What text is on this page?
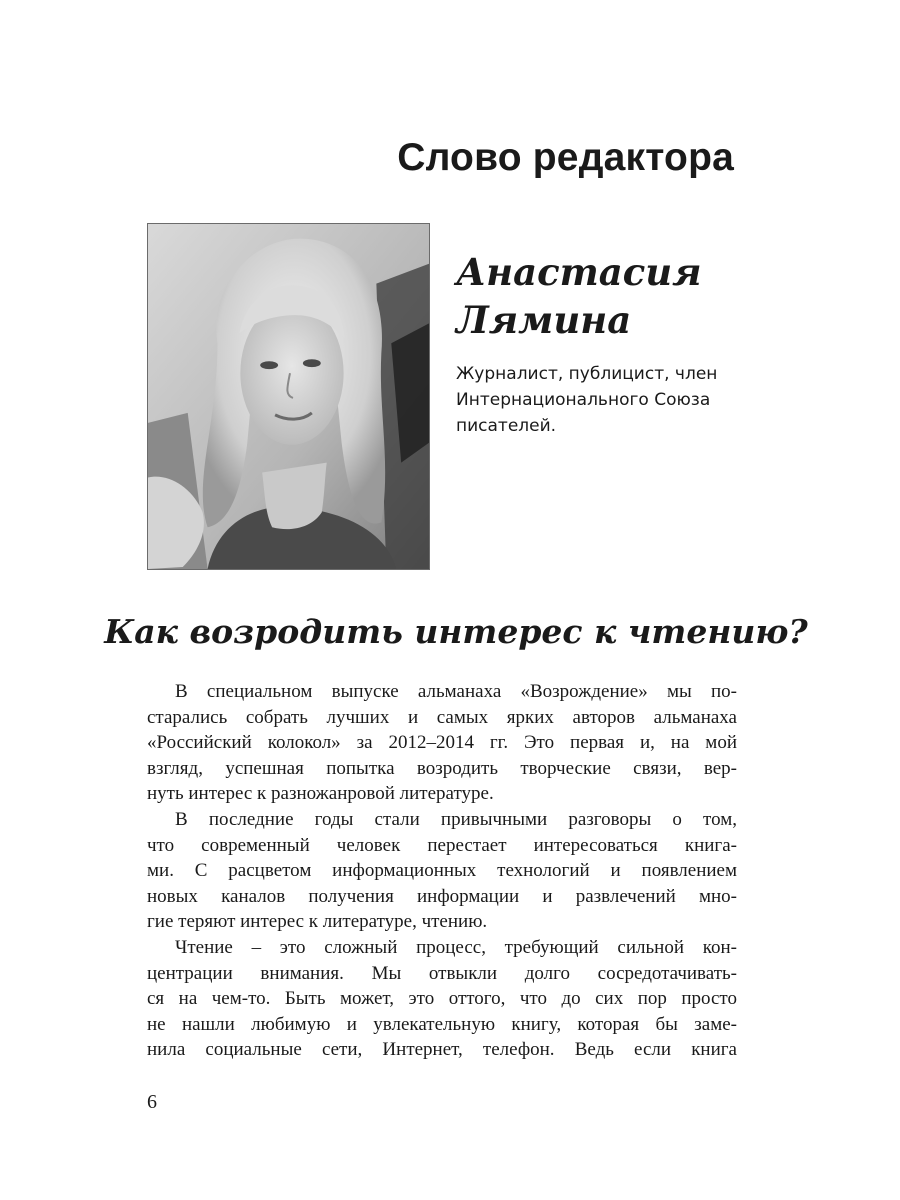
Слово редактора
Анастасия
Лямина

Журналист, публицист, член
Интернационального Союза
писателей.

Как возродить интерес к чтению?
В специальном выпуске альманаха «Возрождение» мы по-
старались собрать лучших и самых ярких авторов альманаха
«Российский колокол» за 2012–2014 гг. Это первая и, на мой
взгляд, успешная попытка возродить творческие связи, вер-
нуть интерес к разножанровой литературе.
В последние годы стали привычными разговоры о том,
что современный человек перестает интересоваться книга-
ми. С расцветом информационных технологий и появлением
новых каналов получения информации и развлечений мно-
гие теряют интерес к литературе, чтению.
Чтение – это сложный процесс, требующий сильной кон-
центрации внимания. Мы отвыкли долго сосредотачивать-
ся на чем-то. Быть может, это оттого, что до сих пор просто
не нашли любимую и увлекательную книгу, которая бы заме-
нила социальные сети, Интернет, телефон. Ведь если книга

6
